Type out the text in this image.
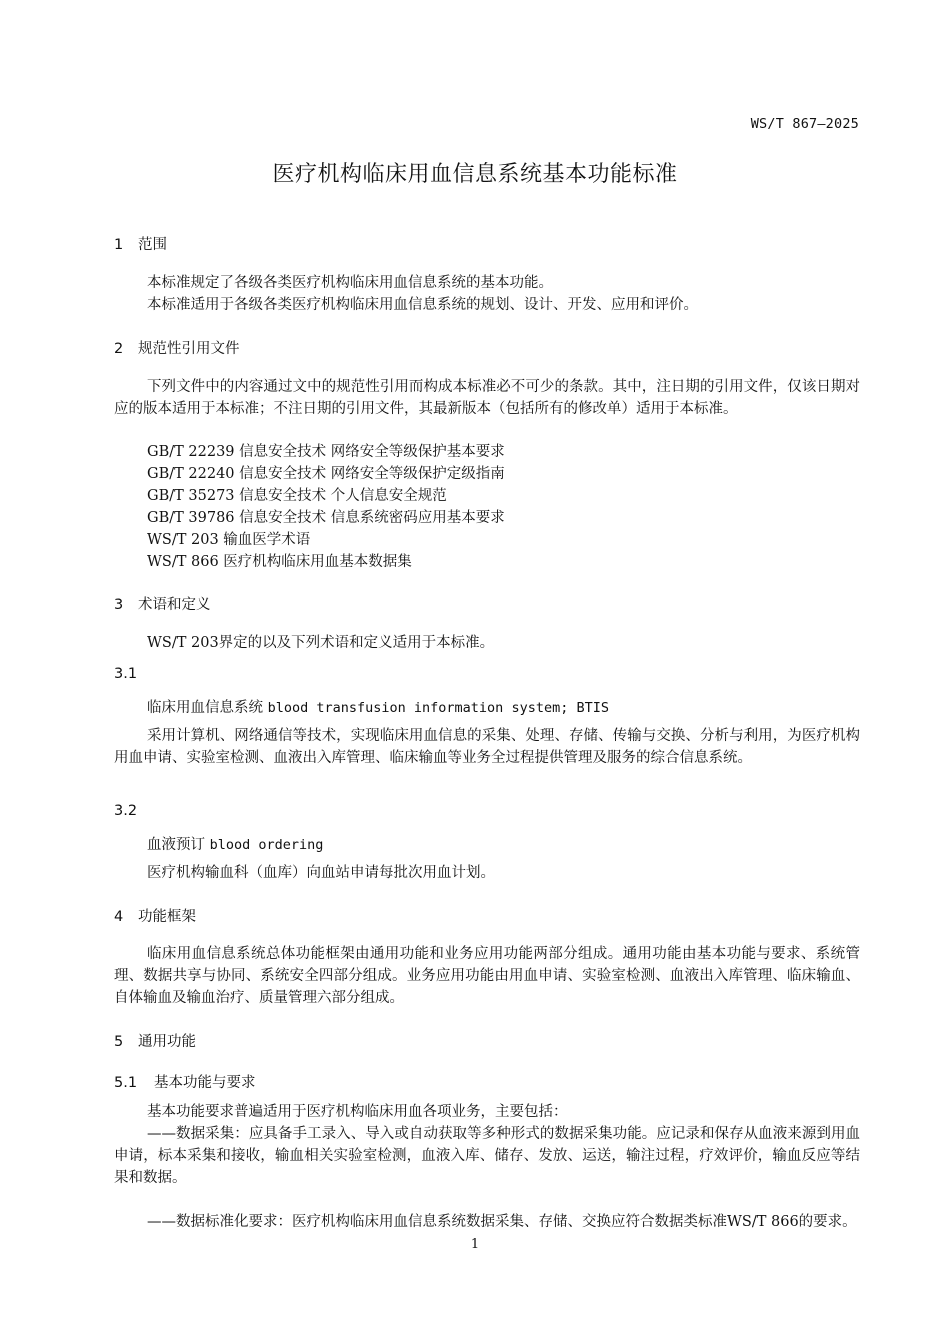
WS/T 867—2025
医疗机构临床用血信息系统基本功能标准
1 范围
本标准规定了各级各类医疗机构临床用血信息系统的基本功能。
本标准适用于各级各类医疗机构临床用血信息系统的规划、设计、开发、应用和评价。
2 规范性引用文件
下列文件中的内容通过文中的规范性引用而构成本标准必不可少的条款。其中，注日期的引用文件，仅该日期对应的版本适用于本标准；不注日期的引用文件，其最新版本（包括所有的修改单）适用于本标准。
GB/T 22239 信息安全技术 网络安全等级保护基本要求
GB/T 22240 信息安全技术 网络安全等级保护定级指南
GB/T 35273 信息安全技术 个人信息安全规范
GB/T 39786 信息安全技术 信息系统密码应用基本要求
WS/T 203 输血医学术语
WS/T 866 医疗机构临床用血基本数据集
3 术语和定义
WS/T 203界定的以及下列术语和定义适用于本标准。
3.1
临床用血信息系统 blood transfusion information system; BTIS
采用计算机、网络通信等技术，实现临床用血信息的采集、处理、存储、传输与交换、分析与利用，为医疗机构用血申请、实验室检测、血液出入库管理、临床输血等业务全过程提供管理及服务的综合信息系统。
3.2
血液预订 blood ordering
医疗机构输血科（血库）向血站申请每批次用血计划。
4 功能框架
临床用血信息系统总体功能框架由通用功能和业务应用功能两部分组成。通用功能由基本功能与要求、系统管理、数据共享与协同、系统安全四部分组成。业务应用功能由用血申请、实验室检测、血液出入库管理、临床输血、自体输血及输血治疗、质量管理六部分组成。
5 通用功能
5.1 基本功能与要求
基本功能要求普遍适用于医疗机构临床用血各项业务，主要包括：
——数据采集：应具备手工录入、导入或自动获取等多种形式的数据采集功能。应记录和保存从血液来源到用血申请，标本采集和接收，输血相关实验室检测，血液入库、储存、发放、运送，输注过程，疗效评价，输血反应等结果和数据。
——数据标准化要求：医疗机构临床用血信息系统数据采集、存储、交换应符合数据类标准WS/T 866的要求。
1
